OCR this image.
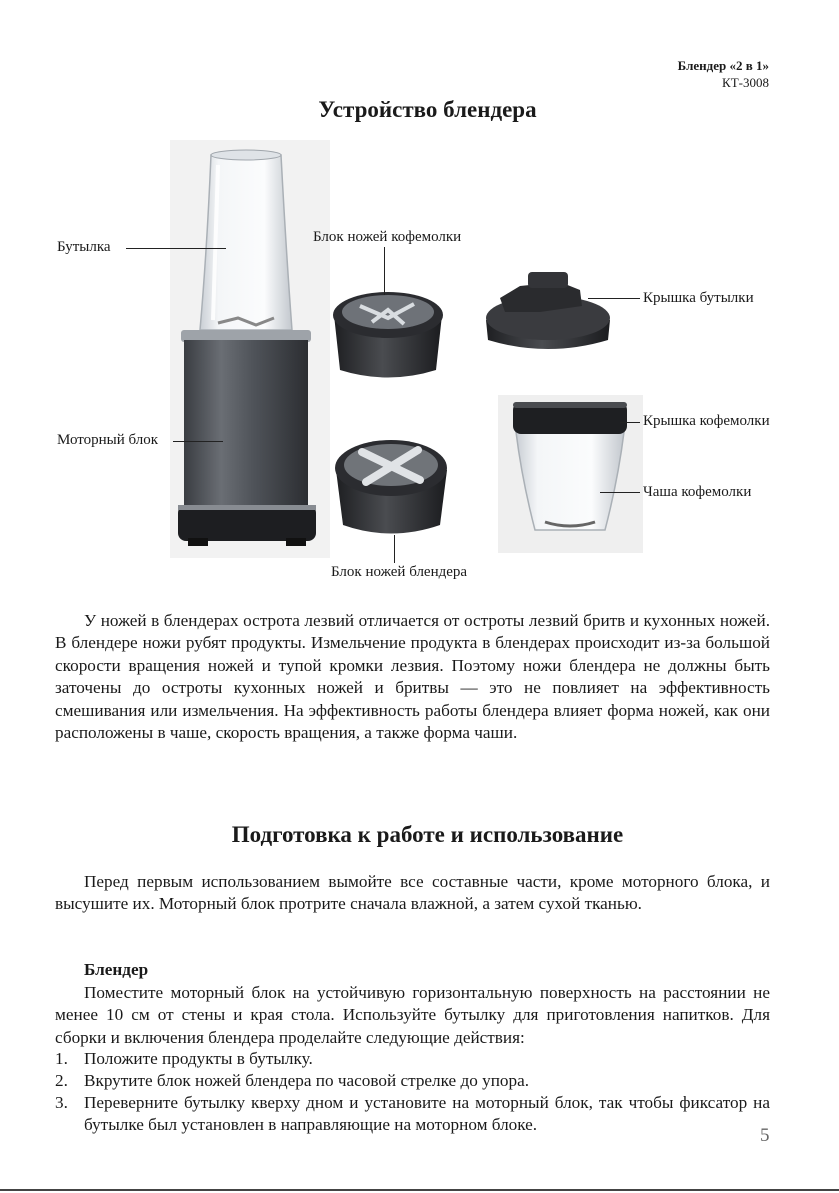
Блендер «2 в 1»
КТ-3008
Устройство блендера
Бутылка
Блок ножей кофемолки
Крышка бутылки
Моторный блок
Крышка кофемолки
Чаша кофемолки
Блок ножей блендера

У ножей в блендерах острота лезвий отличается от остроты лезвий бритв и кухонных ножей. В блендере ножи рубят продукты. Измельчение продукта в блендерах происходит из-за большой скорости вращения ножей и тупой кромки лезвия. Поэтому ножи блендера не должны быть заточены до остроты кухонных ножей и бритвы — это не повлияет на эффективность смешивания или измельчения. На эффективность работы блендера влияет форма ножей, как они расположены в чаше, скорость вращения, а также форма чаши.

Подготовка к работе и использование

Перед первым использованием вымойте все составные части, кроме моторного блока, и высушите их. Моторный блок протрите сначала влажной, а затем сухой тканью.

Блендер

Поместите моторный блок на устойчивую горизонтальную поверхность на расстоянии не менее 10 см от стены и края стола. Используйте бутылку для приготовления напитков. Для сборки и включения блендера проделайте следующие действия:

1. Положите продукты в бутылку.
2. Вкрутите блок ножей блендера по часовой стрелке до упора.
3. Переверните бутылку кверху дном и установите на моторный блок, так чтобы фиксатор на бутылке был установлен в направляющие на моторном блоке.
5
